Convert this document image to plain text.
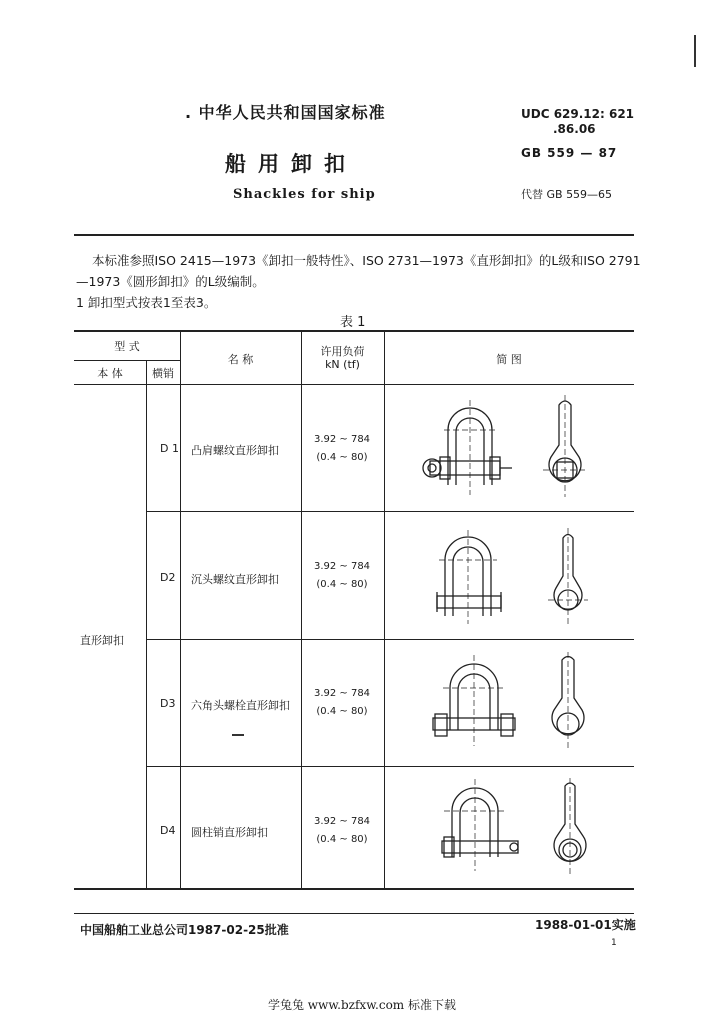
. 中华人民共和国国家标准
船用卸扣
Shackles for ship
UDC 629.12: 621
.86.06
GB 559 — 87
代替 GB 559—65
本标准参照ISO 2415—1973《卸扣一般特性》、ISO 2731—1973《直形卸扣》的L级和ISO 2791
—1973《圆形卸扣》的L级编制。
1 卸扣型式按表1至表3。
表 1
型 式
本 体	横销
名 称
许用负荷
kN (tf)	简 图
直形卸扣
D 1 凸肩螺纹直形卸扣
3.92 ~ 784
(0.4 ~ 80)
D2 沉头螺纹直形卸扣
3.92 ~ 784
(0.4 ~ 80)
D3 六角头螺栓直形卸扣
3.92 ~ 784
(0.4 ~ 80)
D4 圆柱销直形卸扣
3.92 ~ 784
(0.4 ~ 80)
中国船舶工业总公司1987-02-25批准	1988-01-01实施
1
学兔兔 www.bzfxw.com 标准下载
